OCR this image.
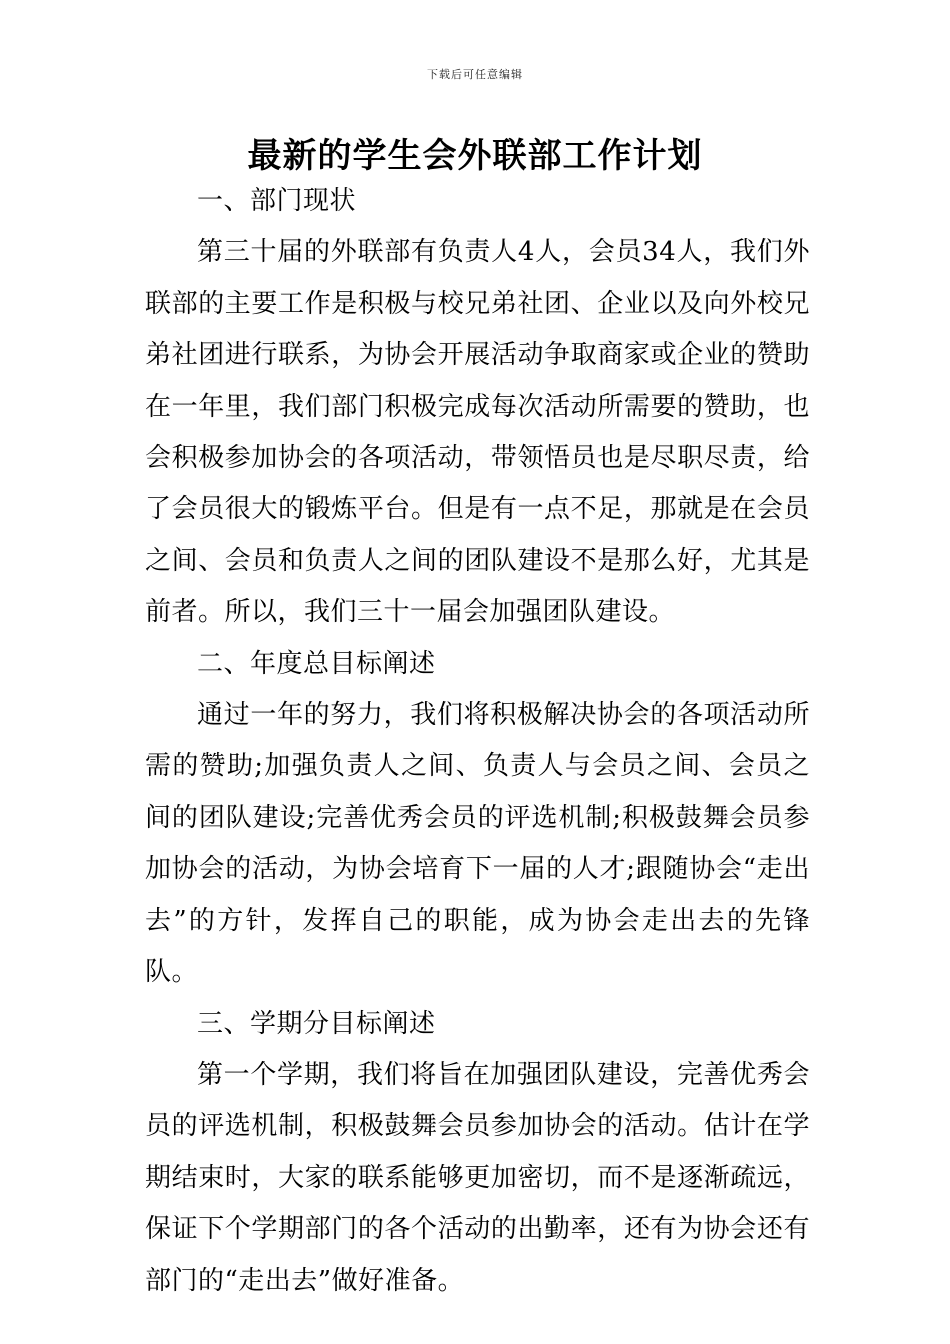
下载后可任意编辑
最新的学生会外联部工作计划

一、部门现状

第三十届的外联部有负责人4人，会员34人，我们外联部的主要工作是积极与校兄弟社团、企业以及向外校兄弟社团进行联系，为协会开展活动争取商家或企业的赞助在一年里，我们部门积极完成每次活动所需要的赞助，也会积极参加协会的各项活动，带领悟员也是尽职尽责，给了会员很大的锻炼平台。但是有一点不足，那就是在会员之间、会员和负责人之间的团队建设不是那么好，尤其是前者。所以，我们三十一届会加强团队建设。

二、年度总目标阐述

通过一年的努力，我们将积极解决协会的各项活动所需的赞助;加强负责人之间、负责人与会员之间、会员之间的团队建设;完善优秀会员的评选机制;积极鼓舞会员参加协会的活动，为协会培育下一届的人才;跟随协会“走出去”的方针，发挥自己的职能，成为协会走出去的先锋队。

三、学期分目标阐述

第一个学期，我们将旨在加强团队建设，完善优秀会员的评选机制，积极鼓舞会员参加协会的活动。估计在学期结束时，大家的联系能够更加密切，而不是逐渐疏远，保证下个学期部门的各个活动的出勤率，还有为协会还有部门的“走出去”做好准备。
